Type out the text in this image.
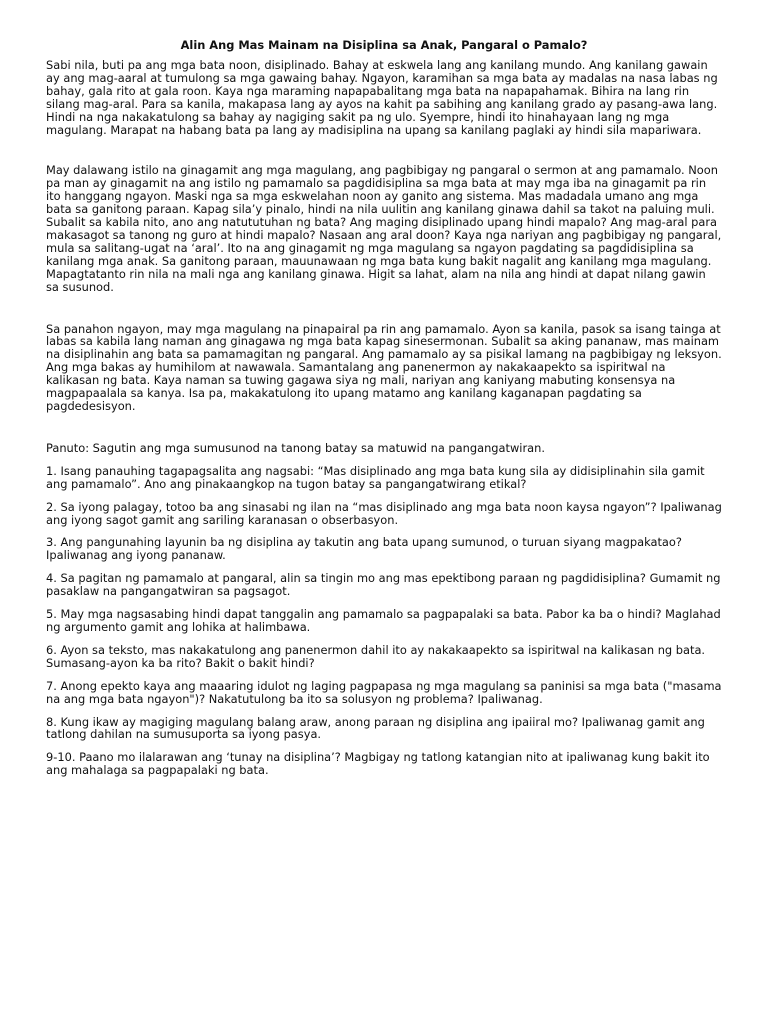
Alin Ang Mas Mainam na Disiplina sa Anak, Pangaral o Pamalo?

Sabi nila, buti pa ang mga bata noon, disiplinado. Bahay at eskwela lang ang kanilang mundo. Ang kanilang gawain ay ang mag-aaral at tumulong sa mga gawaing bahay. Ngayon, karamihan sa mga bata ay madalas na nasa labas ng bahay, gala rito at gala roon. Kaya nga maraming napapabalitang mga bata na napapahamak. Bihira na lang rin silang mag-aral. Para sa kanila, makapasa lang ay ayos na kahit pa sabihing ang kanilang grado ay pasang-awa lang. Hindi na nga nakakatulong sa bahay ay nagiging sakit pa ng ulo. Syempre, hindi ito hinahayaan lang ng mga magulang. Marapat na habang bata pa lang ay madisiplina na upang sa kanilang paglaki ay hindi sila mapariwara.

May dalawang istilo na ginagamit ang mga magulang, ang pagbibigay ng pangaral o sermon at ang pamamalo. Noon pa man ay ginagamit na ang istilo ng pamamalo sa pagdidisiplina sa mga bata at may mga iba na ginagamit pa rin ito hanggang ngayon. Maski nga sa mga eskwelahan noon ay ganito ang sistema. Mas madadala umano ang mga bata sa ganitong paraan. Kapag sila’y pinalo, hindi na nila uulitin ang kanilang ginawa dahil sa takot na paluing muli. Subalit sa kabila nito, ano ang natututuhan ng bata? Ang maging disiplinado upang hindi mapalo? Ang mag-aral para makasagot sa tanong ng guro at hindi mapalo? Nasaan ang aral doon? Kaya nga nariyan ang pagbibigay ng pangaral, mula sa salitang-ugat na ‘aral’. Ito na ang ginagamit ng mga magulang sa ngayon pagdating sa pagdidisiplina sa kanilang mga anak. Sa ganitong paraan, mauunawaan ng mga bata kung bakit nagalit ang kanilang mga magulang. Mapagtatanto rin nila na mali nga ang kanilang ginawa. Higit sa lahat, alam na nila ang hindi at dapat nilang gawin sa susunod.

Sa panahon ngayon, may mga magulang na pinapairal pa rin ang pamamalo. Ayon sa kanila, pasok sa isang tainga at labas sa kabila lang naman ang ginagawa ng mga bata kapag sinesermonan. Subalit sa aking pananaw, mas mainam na disiplinahin ang bata sa pamamagitan ng pangaral. Ang pamamalo ay sa pisikal lamang na pagbibigay ng leksyon. Ang mga bakas ay humihilom at nawawala. Samantalang ang panenermon ay nakakaapekto sa ispiritwal na kalikasan ng bata. Kaya naman sa tuwing gagawa siya ng mali, nariyan ang kaniyang mabuting konsensya na magpapaalala sa kanya. Isa pa, makakatulong ito upang matamo ang kanilang kaganapan pagdating sa pagdedesisyon.

Panuto: Sagutin ang mga sumusunod na tanong batay sa matuwid na pangangatwiran.

1. Isang panauhing tagapagsalita ang nagsabi: “Mas disiplinado ang mga bata kung sila ay didisiplinahin sila gamit ang pamamalo”. Ano ang pinakaangkop na tugon batay sa pangangatwirang etikal?

2. Sa iyong palagay, totoo ba ang sinasabi ng ilan na “mas disiplinado ang mga bata noon kaysa ngayon”? Ipaliwanag ang iyong sagot gamit ang sariling karanasan o obserbasyon.

3. Ang pangunahing layunin ba ng disiplina ay takutin ang bata upang sumunod, o turuan siyang magpakatao? Ipaliwanag ang iyong pananaw.

4. Sa pagitan ng pamamalo at pangaral, alin sa tingin mo ang mas epektibong paraan ng pagdidisiplina? Gumamit ng pasaklaw na pangangatwiran sa pagsagot.

5. May mga nagsasabing hindi dapat tanggalin ang pamamalo sa pagpapalaki sa bata. Pabor ka ba o hindi? Maglahad ng argumento gamit ang lohika at halimbawa.

6. Ayon sa teksto, mas nakakatulong ang panenermon dahil ito ay nakakaapekto sa ispiritwal na kalikasan ng bata. Sumasang-ayon ka ba rito? Bakit o bakit hindi?

7. Anong epekto kaya ang maaaring idulot ng laging pagpapasa ng mga magulang sa paninisi sa mga bata ("masama na ang mga bata ngayon")? Nakatutulong ba ito sa solusyon ng problema? Ipaliwanag.

8. Kung ikaw ay magiging magulang balang araw, anong paraan ng disiplina ang ipaiiral mo? Ipaliwanag gamit ang tatlong dahilan na sumusuporta sa iyong pasya.

9-10. Paano mo ilalarawan ang ‘tunay na disiplina’? Magbigay ng tatlong katangian nito at ipaliwanag kung bakit ito ang mahalaga sa pagpapalaki ng bata.
